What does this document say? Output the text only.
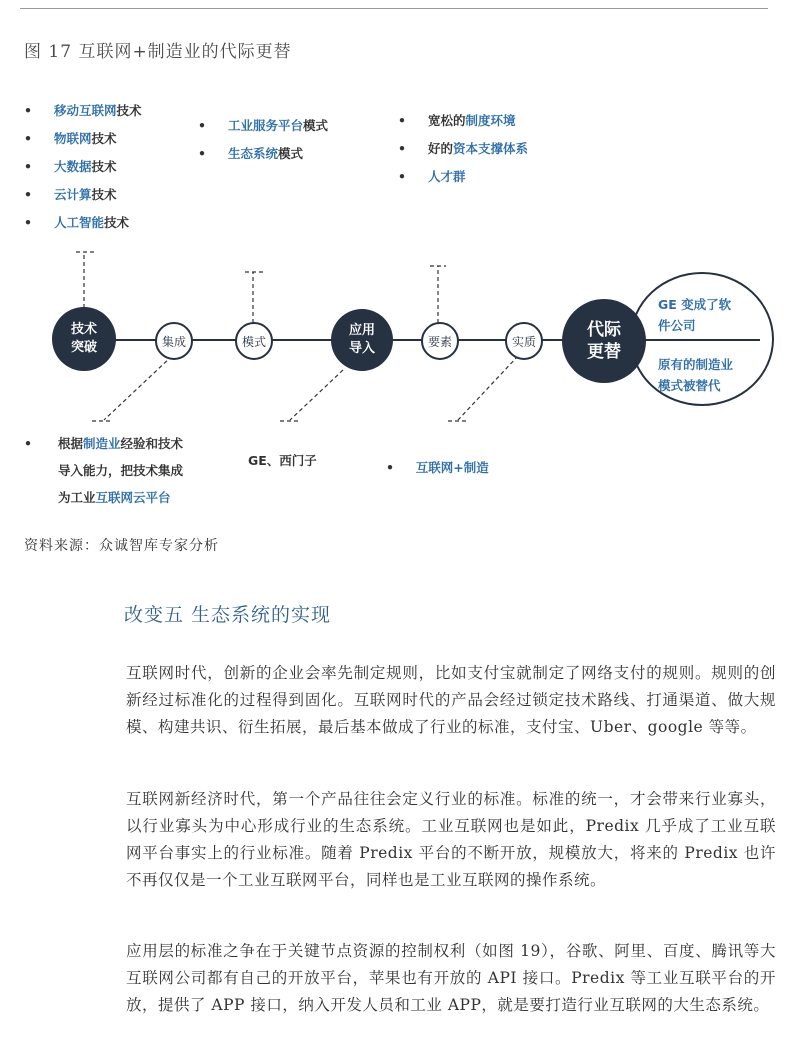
图 17 互联网+制造业的代际更替
• 移动互联网技术
• 物联网技术
• 大数据技术
• 云计算技术
• 人工智能技术
• 工业服务平台模式
• 生态系统模式
• 宽松的制度环境
• 好的资本支撑体系
• 人才群
技术
突破	集成	模式
应用
导入	要素	实质
代际
更替
GE 变成了软
件公司
原有的制造业
模式被替代
• 根据制造业经验和技术
导入能力，把技术集成
为工业互联网云平台
GE、西门子	• 互联网+制造
资料来源：众诚智库专家分析
改变五 生态系统的实现

互联网时代，创新的企业会率先制定规则，比如支付宝就制定了网络支付的规则。规则的创新经过标准化的过程得到固化。互联网时代的产品会经过锁定技术路线、打通渠道、做大规模、构建共识、衍生拓展，最后基本做成了行业的标准，支付宝、Uber、google 等等。

互联网新经济时代，第一个产品往往会定义行业的标准。标准的统一，才会带来行业寡头，以行业寡头为中心形成行业的生态系统。工业互联网也是如此，Predix 几乎成了工业互联网平台事实上的行业标准。随着 Predix 平台的不断开放，规模放大，将来的 Predix 也许不再仅仅是一个工业互联网平台，同样也是工业互联网的操作系统。

应用层的标准之争在于关键节点资源的控制权利（如图 19），谷歌、阿里、百度、腾讯等大互联网公司都有自己的开放平台，苹果也有开放的 API 接口。Predix 等工业互联平台的开放，提供了 APP 接口，纳入开发人员和工业 APP，就是要打造行业互联网的大生态系统。
